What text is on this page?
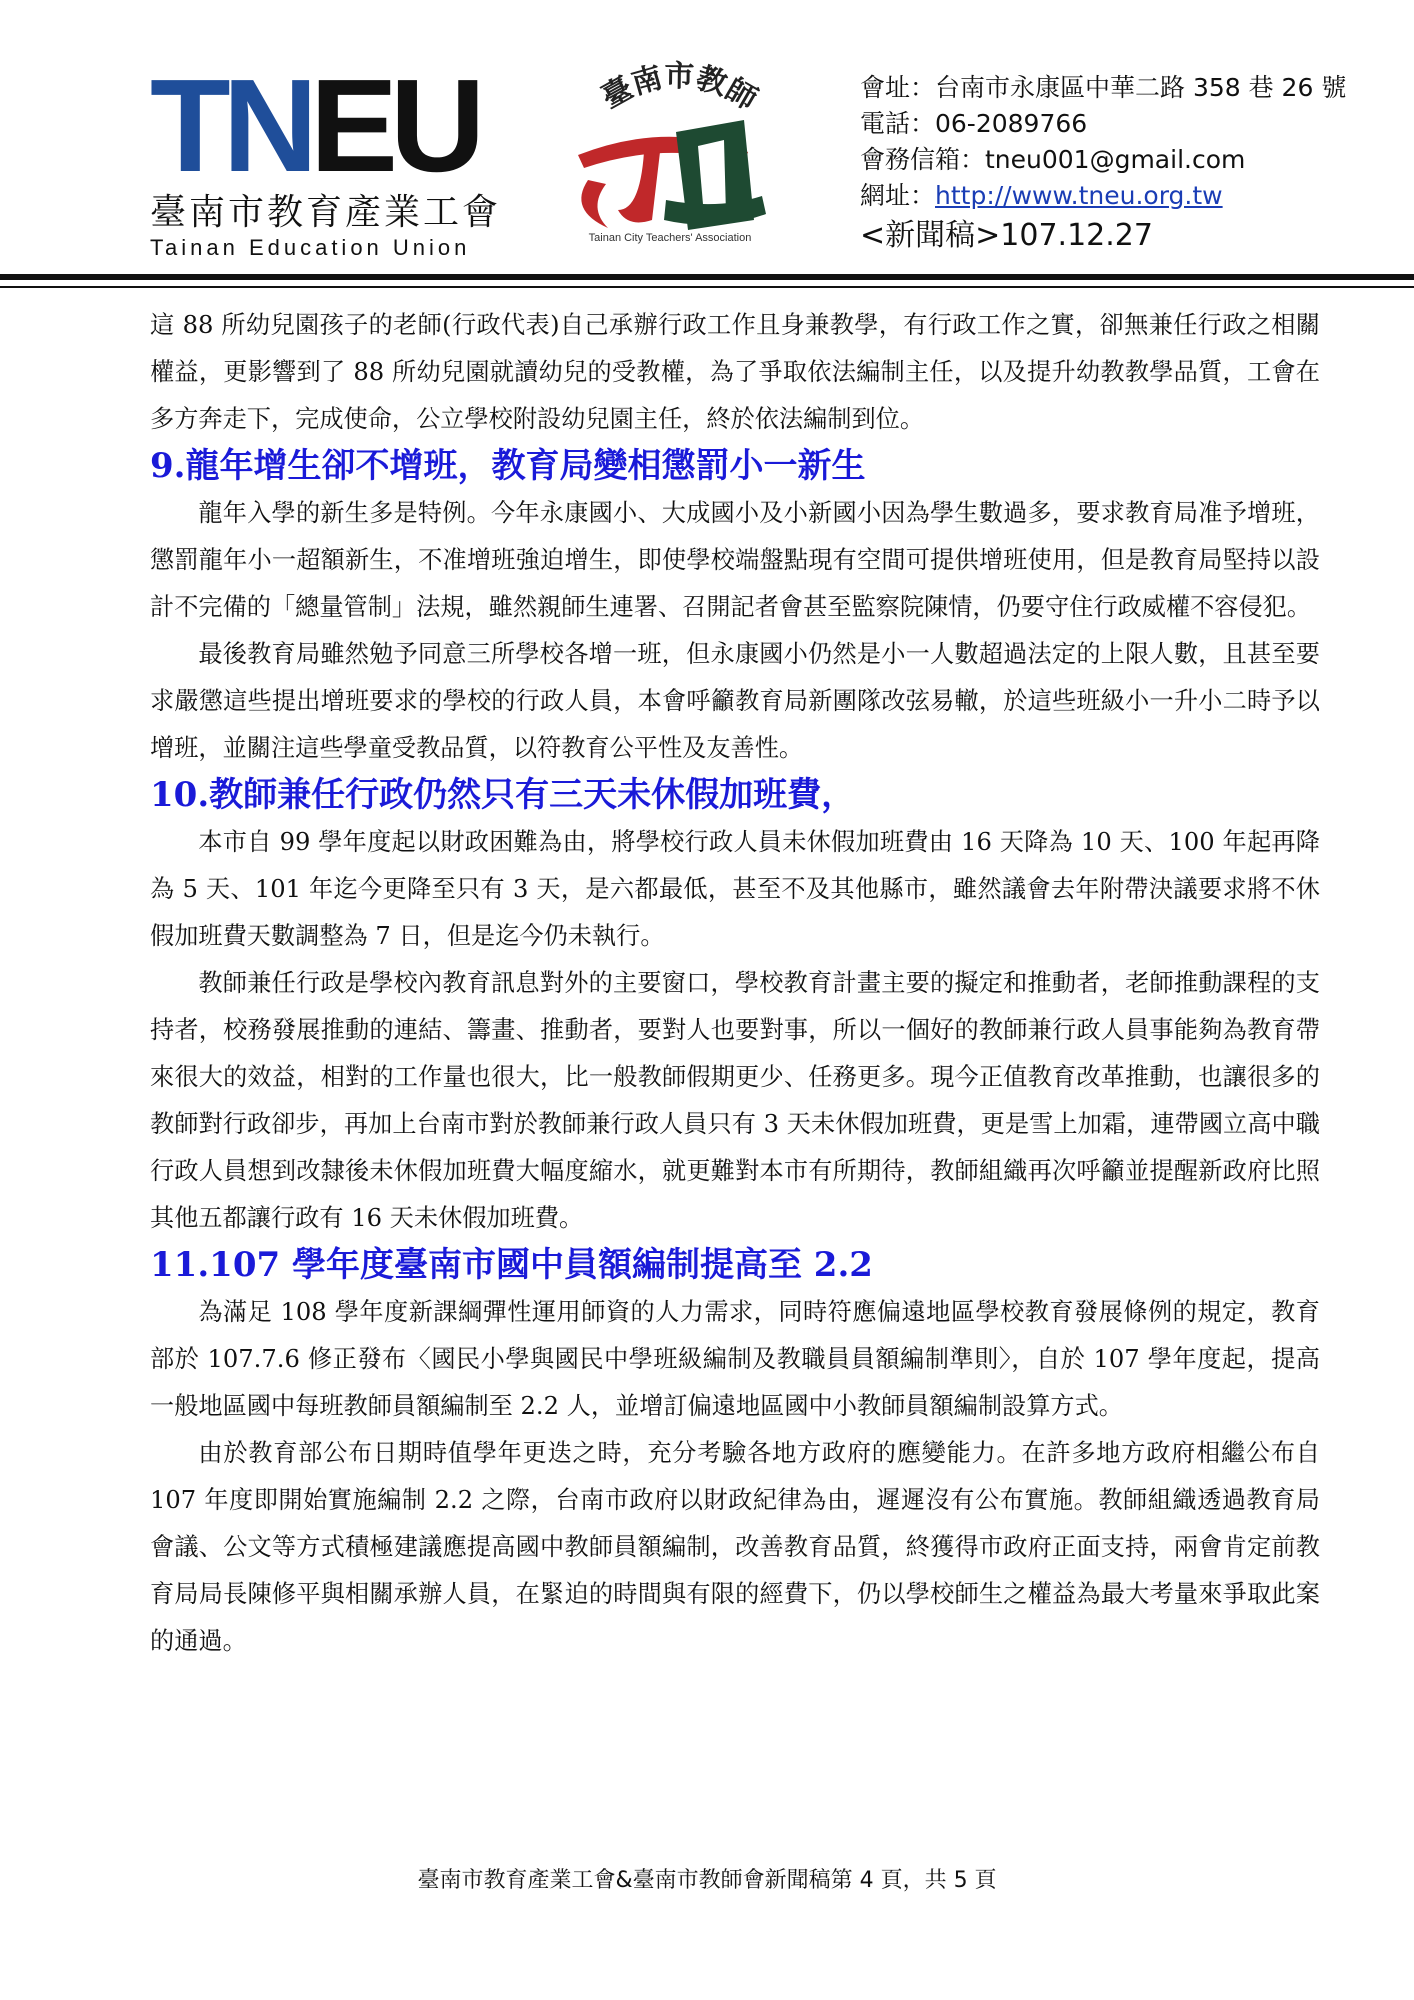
TNEU
臺南市教育產業工會
Tainan Education Union
臺南市教師
Tainan City Teachers' Association
會址：台南市永康區中華二路 358 巷 26 號
電話：06-2089766
會務信箱：tneu001@gmail.com
網址：http://www.tneu.org.tw
<新聞稿>107.12.27

這 88 所幼兒園孩子的老師(行政代表)自己承辦行政工作且身兼教學，有行政工作之實，卻無兼任行政之相關權益，更影響到了 88 所幼兒園就讀幼兒的受教權，為了爭取依法編制主任，以及提升幼教教學品質，工會在多方奔走下，完成使命，公立學校附設幼兒園主任，終於依法編制到位。

9.龍年增生卻不增班，教育局變相懲罰小一新生

龍年入學的新生多是特例。今年永康國小、大成國小及小新國小因為學生數過多，要求教育局准予增班，懲罰龍年小一超額新生，不准增班強迫增生，即使學校端盤點現有空間可提供增班使用，但是教育局堅持以設計不完備的「總量管制」法規，雖然親師生連署、召開記者會甚至監察院陳情，仍要守住行政威權不容侵犯。

最後教育局雖然勉予同意三所學校各增一班，但永康國小仍然是小一人數超過法定的上限人數，且甚至要求嚴懲這些提出增班要求的學校的行政人員，本會呼籲教育局新團隊改弦易轍，於這些班級小一升小二時予以增班，並關注這些學童受教品質，以符教育公平性及友善性。

10.教師兼任行政仍然只有三天未休假加班費，

本市自 99 學年度起以財政困難為由，將學校行政人員未休假加班費由 16 天降為 10 天、100 年起再降為 5 天、101 年迄今更降至只有 3 天，是六都最低，甚至不及其他縣市，雖然議會去年附帶決議要求將不休假加班費天數調整為 7 日，但是迄今仍未執行。

教師兼任行政是學校內教育訊息對外的主要窗口，學校教育計畫主要的擬定和推動者，老師推動課程的支持者，校務發展推動的連結、籌畫、推動者，要對人也要對事，所以一個好的教師兼行政人員事能夠為教育帶來很大的效益，相對的工作量也很大，比一般教師假期更少、任務更多。現今正值教育改革推動，也讓很多的教師對行政卻步，再加上台南市對於教師兼行政人員只有 3 天未休假加班費，更是雪上加霜，連帶國立高中職行政人員想到改隸後未休假加班費大幅度縮水，就更難對本市有所期待，教師組織再次呼籲並提醒新政府比照其他五都讓行政有 16 天未休假加班費。

11.107 學年度臺南市國中員額編制提高至 2.2

為滿足 108 學年度新課綱彈性運用師資的人力需求，同時符應偏遠地區學校教育發展條例的規定，教育部於 107.7.6 修正發布〈國民小學與國民中學班級編制及教職員員額編制準則〉，自於 107 學年度起，提高一般地區國中每班教師員額編制至 2.2 人，並增訂偏遠地區國中小教師員額編制設算方式。

由於教育部公布日期時值學年更迭之時，充分考驗各地方政府的應變能力。在許多地方政府相繼公布自 107 年度即開始實施編制 2.2 之際，台南市政府以財政紀律為由，遲遲沒有公布實施。教師組織透過教育局會議、公文等方式積極建議應提高國中教師員額編制，改善教育品質，終獲得市政府正面支持，兩會肯定前教育局局長陳修平與相關承辦人員，在緊迫的時間與有限的經費下，仍以學校師生之權益為最大考量來爭取此案的通過。

臺南市教育產業工會&臺南市教師會新聞稿第 4 頁，共 5 頁
